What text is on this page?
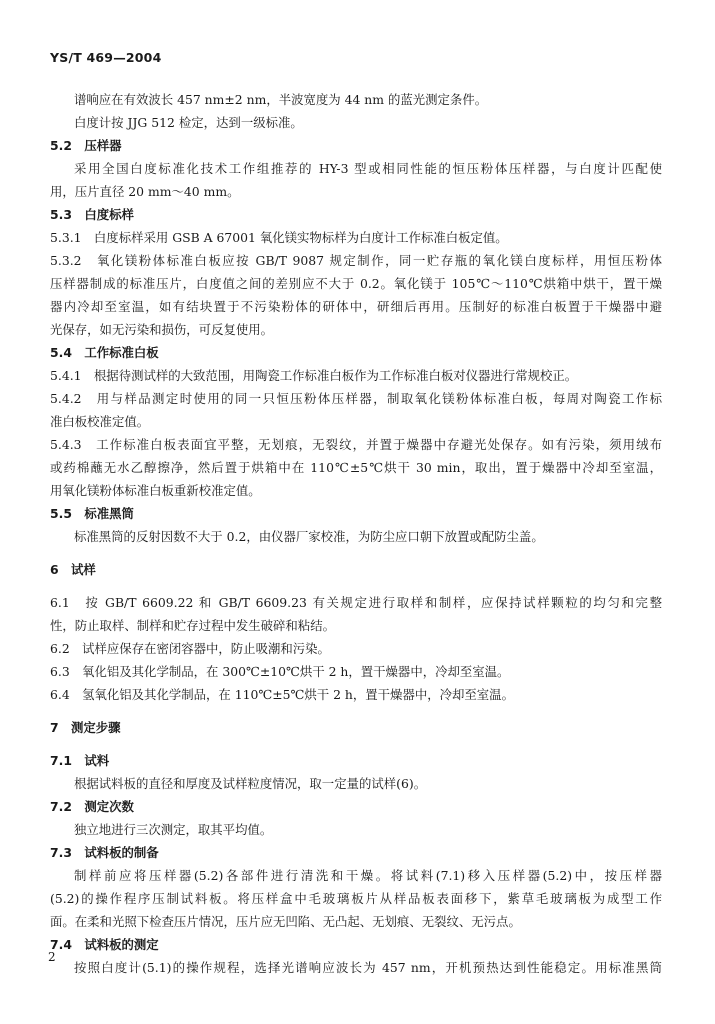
YS/T 469—2004
谱响应在有效波长 457 nm±2 nm，半波宽度为 44 nm 的蓝光测定条件。
白度计按 JJG 512 检定，达到一级标准。
5.2　压样器
采用全国白度标准化技术工作组推荐的 HY-3 型或相同性能的恒压粉体压样器，与白度计匹配使
用，压片直径 20 mm～40 mm。
5.3　白度标样
5.3.1　白度标样采用 GSB A 67001 氧化镁实物标样为白度计工作标准白板定值。
5.3.2　氧化镁粉体标准白板应按 GB/T 9087 规定制作，同一贮存瓶的氧化镁白度标样，用恒压粉体
压样器制成的标准压片，白度值之间的差别应不大于 0.2。氧化镁于 105℃～110℃烘箱中烘干，置干燥
器内冷却至室温，如有结块置于不污染粉体的研体中，研细后再用。压制好的标准白板置于干燥器中避
光保存，如无污染和损伤，可反复使用。
5.4　工作标准白板
5.4.1　根据待测试样的大致范围，用陶瓷工作标准白板作为工作标准白板对仪器进行常规校正。
5.4.2　用与样品测定时使用的同一只恒压粉体压样器，制取氧化镁粉体标准白板，每周对陶瓷工作标
准白板校准定值。
5.4.3　工作标准白板表面宜平整，无划痕，无裂纹，并置于燥器中存避光处保存。如有污染，须用绒布
或药棉蘸无水乙醇擦净，然后置于烘箱中在 110℃±5℃烘干 30 min，取出，置于燥器中冷却至室温，
用氧化镁粉体标准白板重新校准定值。
5.5　标准黑筒
标准黑筒的反射因数不大于 0.2，由仪器厂家校准，为防尘应口朝下放置或配防尘盖。
6　试样
6.1　按 GB/T 6609.22 和 GB/T 6609.23 有关规定进行取样和制样，应保持试样颗粒的均匀和完整
性，防止取样、制样和贮存过程中发生破碎和粘结。
6.2　试样应保存在密闭容器中，防止吸潮和污染。
6.3　氧化铝及其化学制品，在 300℃±10℃烘干 2 h，置干燥器中，冷却至室温。
6.4　氢氧化铝及其化学制品，在 110℃±5℃烘干 2 h，置干燥器中，冷却至室温。
7　测定步骤
7.1　试料
根据试料板的直径和厚度及试样粒度情况，取一定量的试样(6)。
7.2　测定次数
独立地进行三次测定，取其平均值。
7.3　试料板的制备
制样前应将压样器(5.2)各部件进行清洗和干燥。将试料(7.1)移入压样器(5.2)中，按压样器
(5.2)的操作程序压制试料板。将压样盒中毛玻璃板片从样品板表面移下，紫草毛玻璃板为成型工作
面。在柔和光照下检查压片情况，压片应无凹陷、无凸起、无划痕、无裂纹、无污点。
7.4　试料板的测定
按照白度计(5.1)的操作规程，选择光谱响应波长为 457 nm，开机预热达到性能稳定。用标准黑筒
2
